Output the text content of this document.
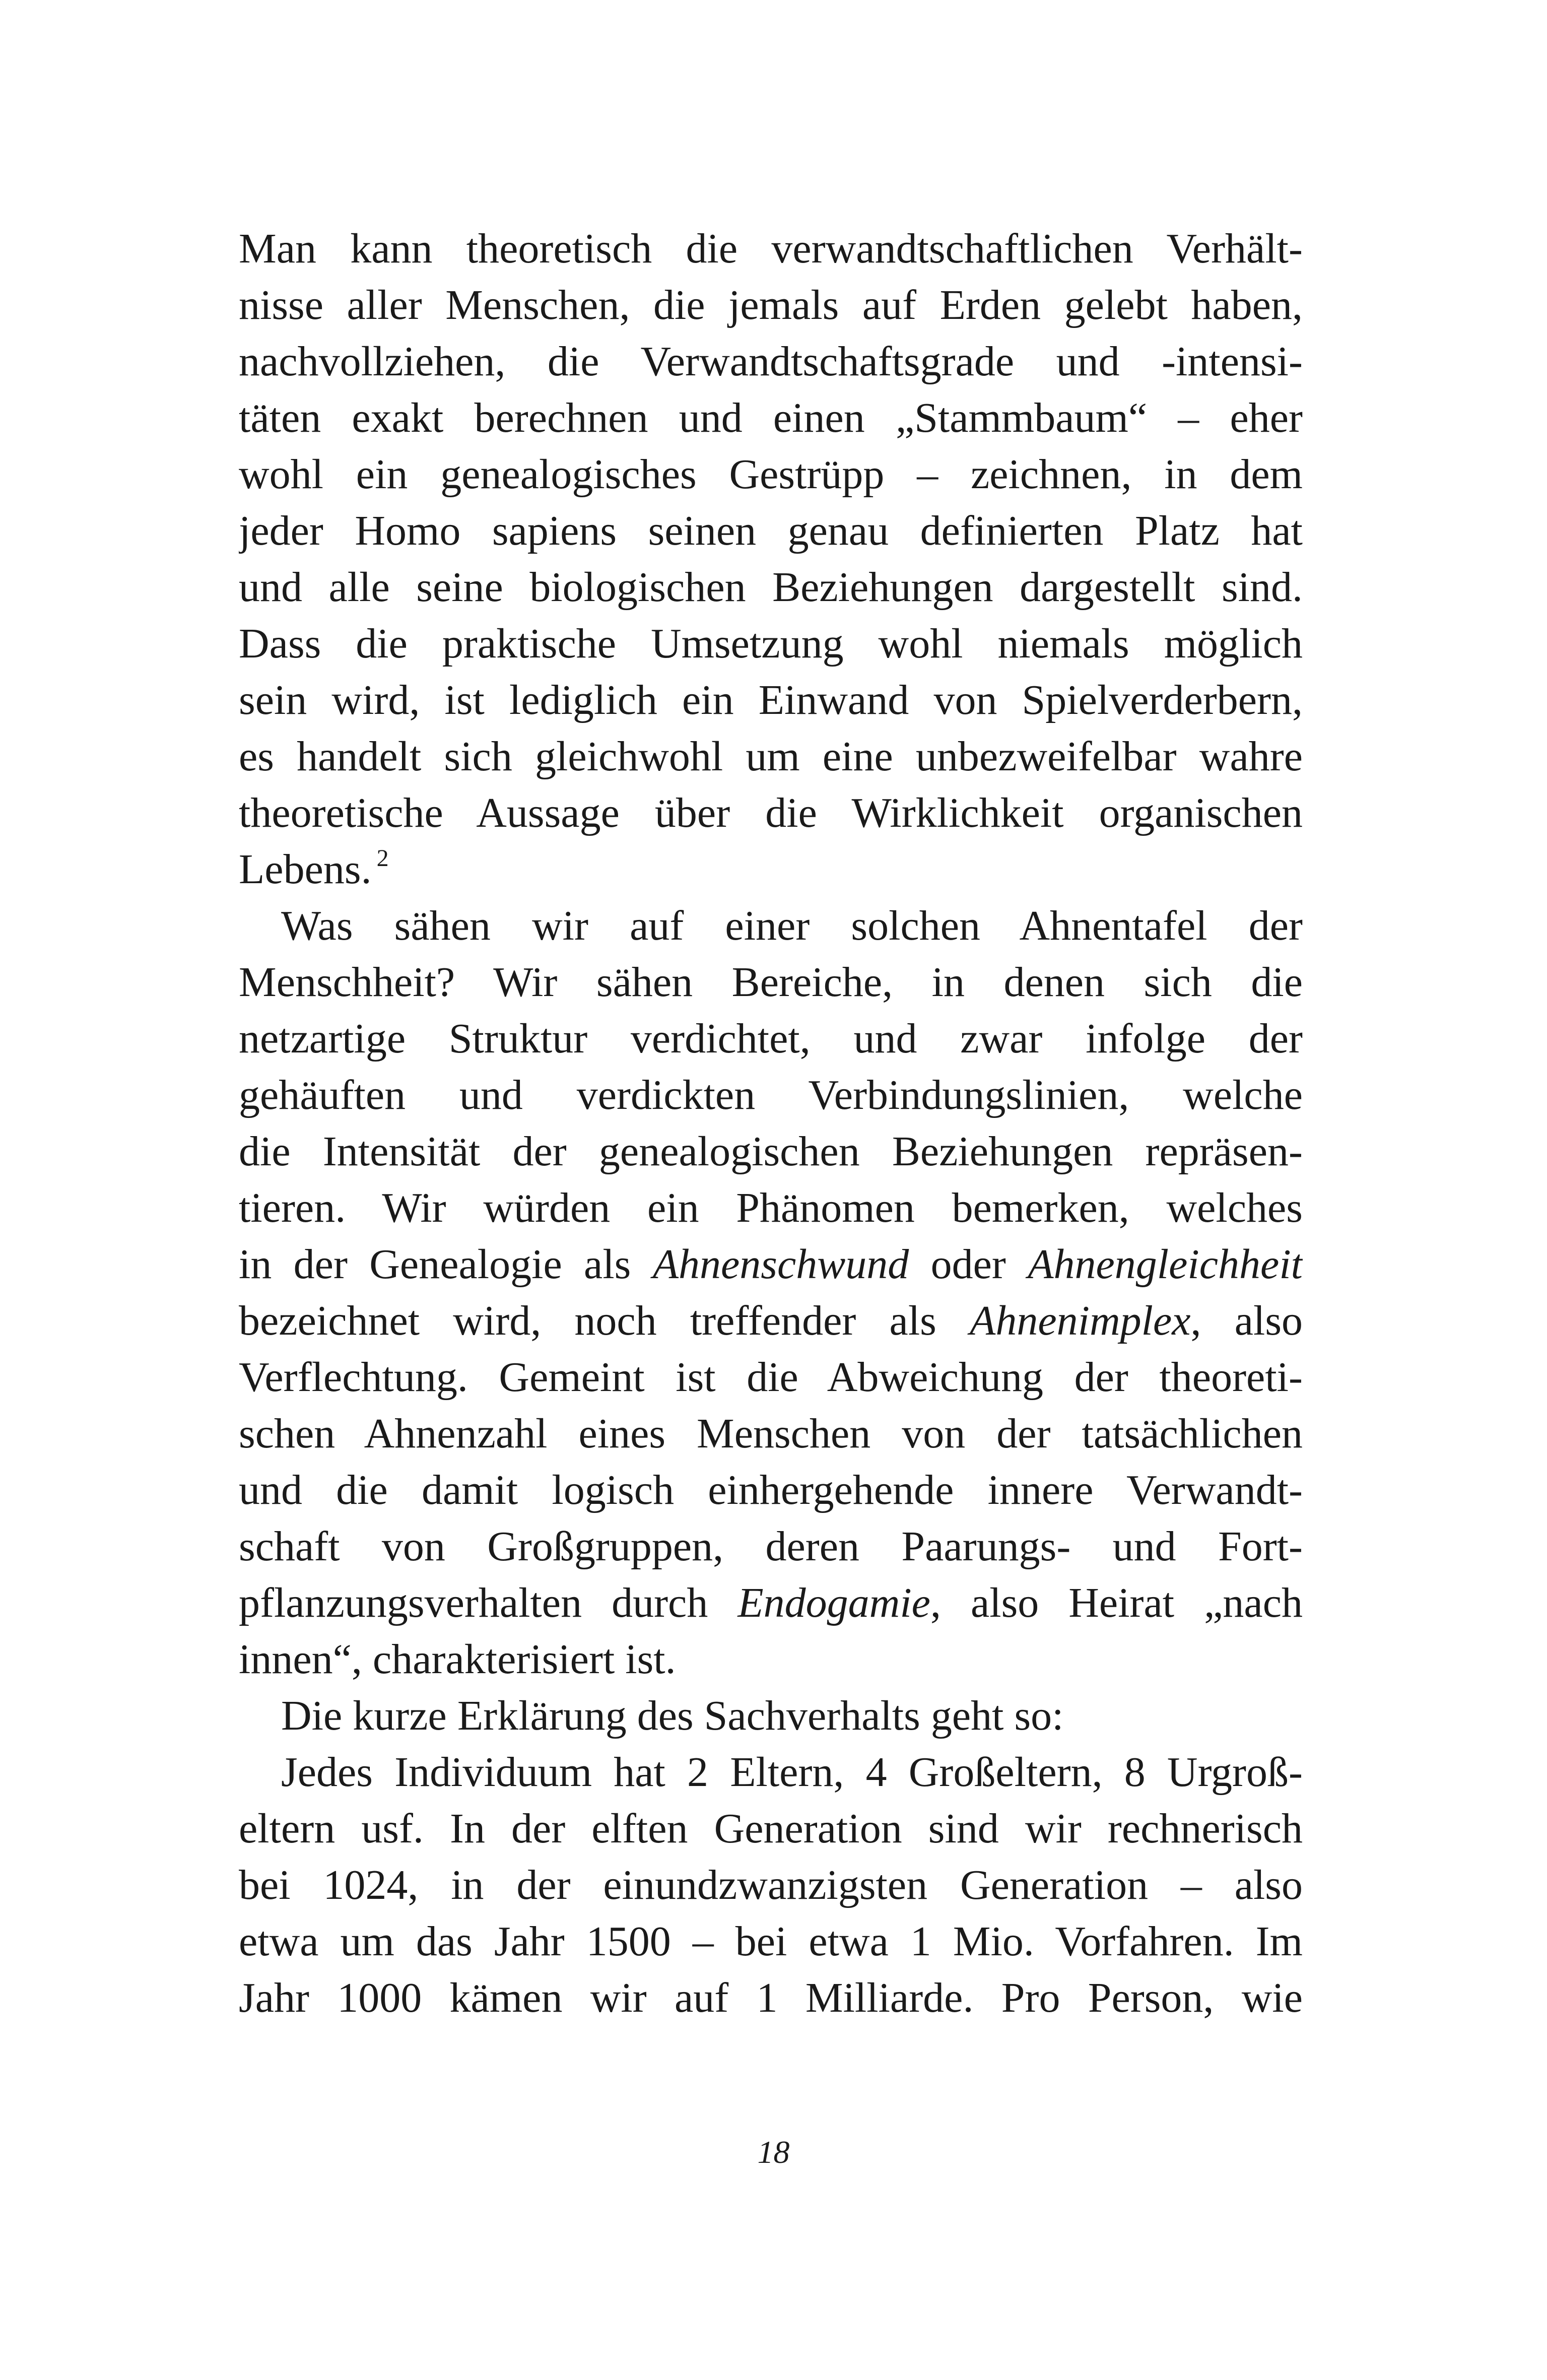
Man kann theoretisch die verwandtschaftlichen Verhält-
nisse aller Menschen, die jemals auf Erden gelebt haben,
nachvollziehen, die Verwandtschaftsgrade und -intensi-
täten exakt berechnen und einen „Stammbaum“ – eher
wohl ein genealogisches Gestrüpp – zeichnen, in dem
jeder Homo sapiens seinen genau definierten Platz hat
und alle seine biologischen Beziehungen dargestellt sind.
Dass die praktische Umsetzung wohl niemals möglich
sein wird, ist lediglich ein Einwand von Spielverderbern,
es handelt sich gleichwohl um eine unbezweifelbar wahre
theoretische Aussage über die Wirklichkeit organischen
Lebens. $^2$
Was sähen wir auf einer solchen Ahnentafel der
Menschheit? Wir sähen Bereiche, in denen sich die
netzartige Struktur verdichtet, und zwar infolge der
gehäuften und verdickten Verbindungslinien, welche
die Intensität der genealogischen Beziehungen repräsen-
tieren. Wir würden ein Phänomen bemerken, welches
in der Genealogie als Ahnenschwund oder Ahnengleichheit
bezeichnet wird, noch treffender als Ahnenimplex, also
Verflechtung. Gemeint ist die Abweichung der theoreti-
schen Ahnenzahl eines Menschen von der tatsächlichen
und die damit logisch einhergehende innere Verwandt-
schaft von Großgruppen, deren Paarungs- und Fort-
pflanzungsverhalten durch Endogamie, also Heirat „nach
innen“, charakterisiert ist.
Die kurze Erklärung des Sachverhalts geht so:
Jedes Individuum hat 2 Eltern, 4 Großeltern, 8 Urgroß-
eltern usf. In der elften Generation sind wir rechnerisch
bei 1024, in der einundzwanzigsten Generation – also
etwa um das Jahr 1500 – bei etwa 1 Mio. Vorfahren. Im
Jahr 1000 kämen wir auf 1 Milliarde. Pro Person, wie
18
